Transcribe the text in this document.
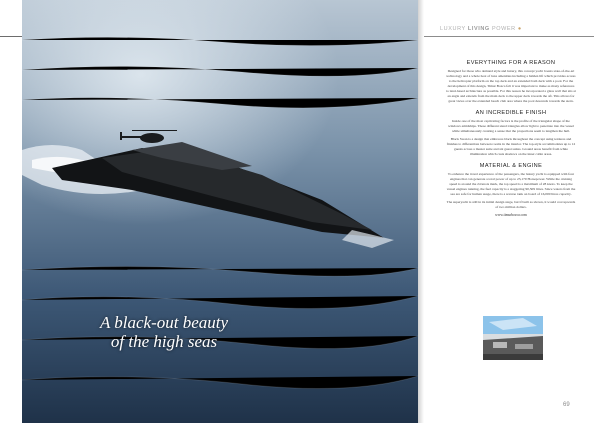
A black-out beauty
of the high seas
LUXURY LIVING POWER ●
EVERYTHING FOR A REASON

Designed for those who demand style and luxury, this concept yacht boasts state-of-the-art technology and a whole host of luxe amenities including a hidden lift which provides access to the helicopter platform on the top deck and an extended bath deck with a pool. For the development of this design, Timur Bozca felt it was important to make as many references to land-based architecture as possible. For this reason he incorporated a glass wall that sits at an angle and extends from the main deck to the upper deck towards the aft. This allows for great views over the extended beach club area where the pool descends towards the stern.

AN INCREDIBLE FINISH

Inside one of the most captivating factors is the profile of the triangular shape of the windows amidships. These different sized triangles allow light to penetrate into the vessel while simultaneously creating a sense that the proportions seem to lengthen the hull.

Black Swan is a design that embraces black throughout the concept using textures and finishes to differentiate between rooms in the interior. The top-style accommodates up to 12 guests across a master suite and six guest suites. Ground areas benefit from white illumination which casts shadows on the inner cabin areas.

MATERIAL & ENGINE

To enhance the travel experience of the passengers, the luxury yacht is equipped with four engines that can generate a total power of up to 23,170 Horsepower. While the cruising speed is around the 24 knots mark, the top speed is a maximum of 28 knots. To keep the vessel engines running, the fuel capacity is a staggering 90,509 litres. Since waters from the sea are safe for human usage, there is a reverse tank on board of 16,000 litres capacity.

The superyacht is still in its initial design stage, but if built as shown, it would cost upwards of two million dollars.

www.timurbozca.com
69
